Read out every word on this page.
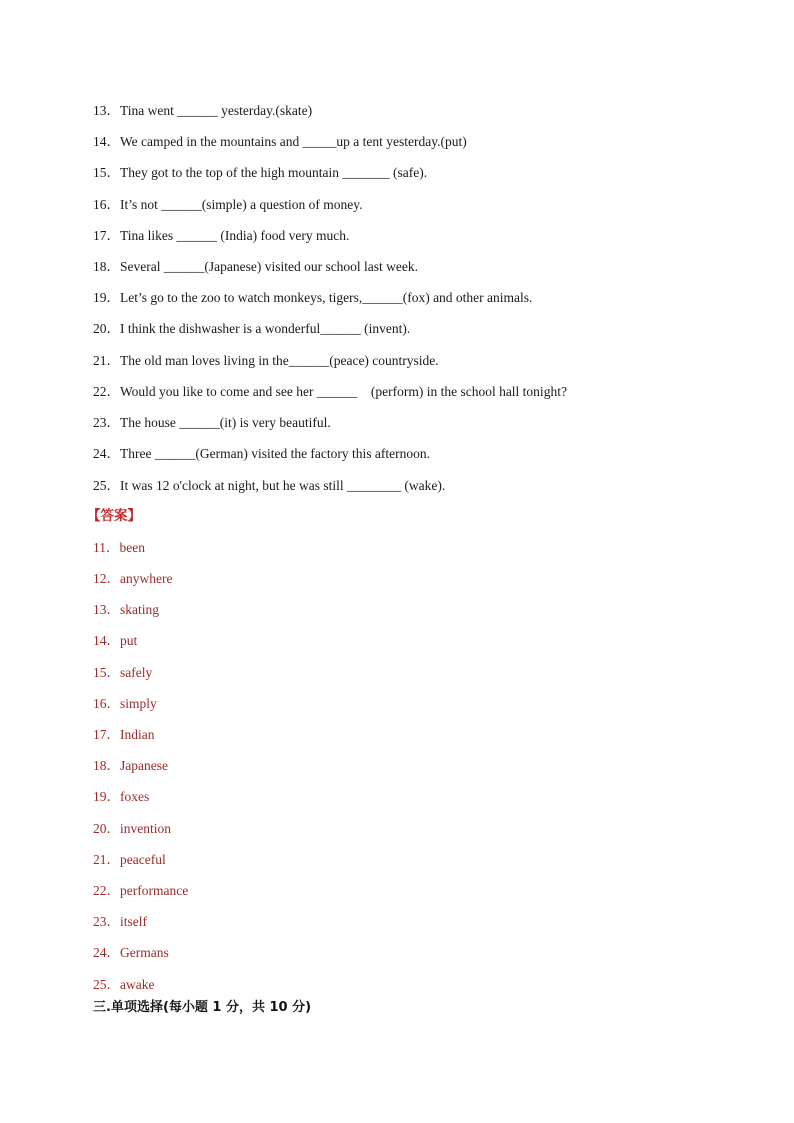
13．Tina went ______ yesterday.(skate)
14．We camped in the mountains and _____up a tent yesterday.(put)
15．They got to the top of the high mountain _______ (safe).
16．It’s not ______(simple) a question of money.
17．Tina likes ______ (India) food very much.
18．Several ______(Japanese) visited our school last week.
19．Let’s go to the zoo to watch monkeys, tigers,______(fox) and other animals.
20．I think the dishwasher is a wonderful______ (invent).
21．The old man loves living in the______(peace) countryside.
22．Would you like to come and see her ______    (perform) in the school hall tonight?
23．The house ______(it) is very beautiful.
24．Three ______(German) visited the factory this afternoon.
25．It was 12 o'clock at night, but he was still ________ (wake).
【答案】
11．been
12．anywhere
13．skating
14．put
15．safely
16．simply
17．Indian
18．Japanese
19．foxes
20．invention
21．peaceful
22．performance
23．itself
24．Germans
25．awake
三.单项选择(每小题 1 分，共 10 分)
